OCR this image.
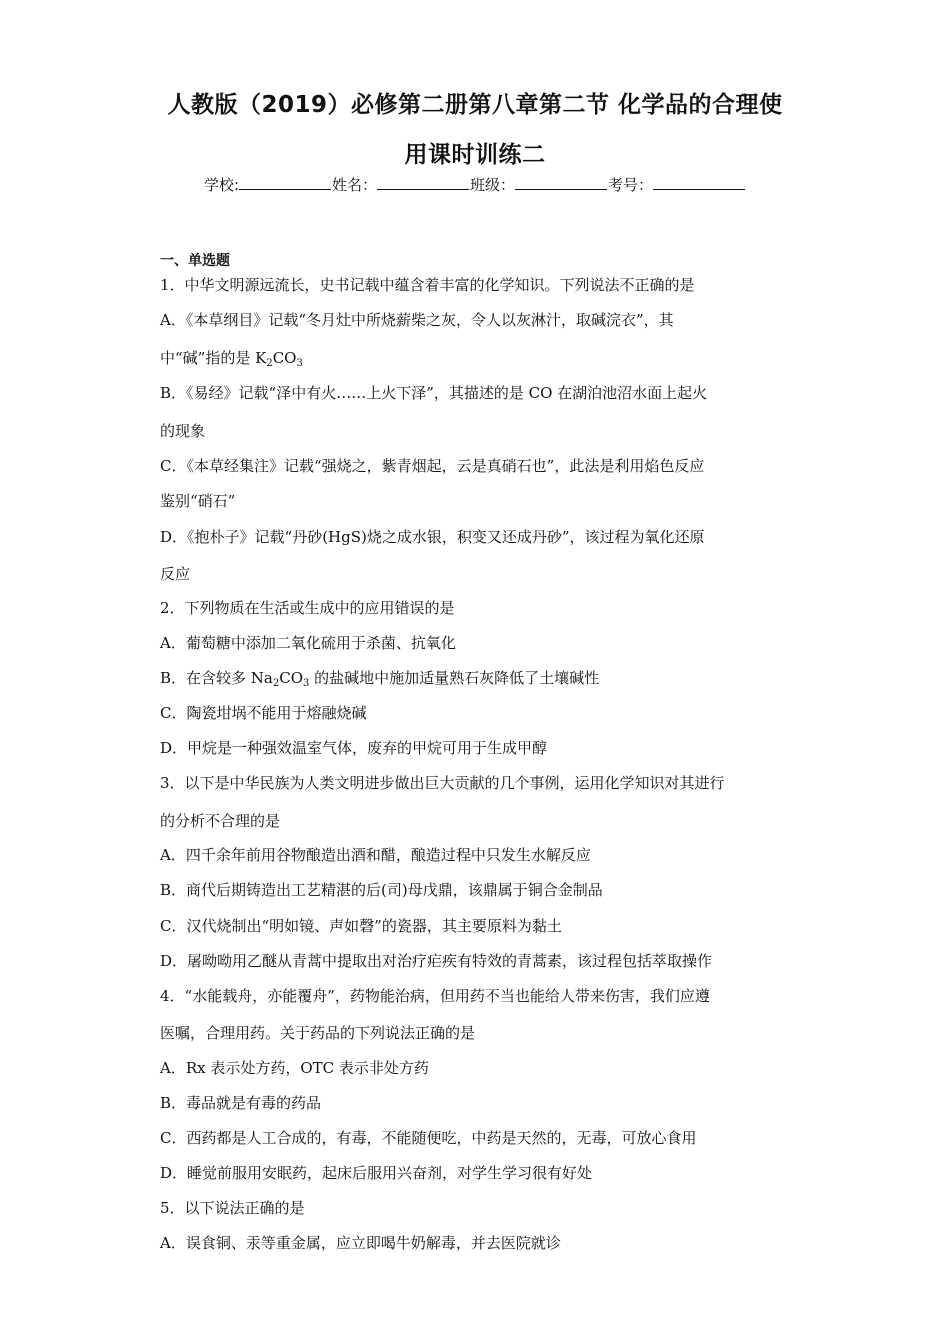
人教版（2019）必修第二册第八章第二节 化学品的合理使
用课时训练二
学校:	姓名：	班级：	考号：
一、单选题
1．中华文明源远流长，史书记载中蕴含着丰富的化学知识。下列说法不正确的是
A．《本草纲目》记载“冬月灶中所烧薪柴之灰，令人以灰淋汁，取碱浣衣”，其
中“碱”指的是 $K_2CO_3$
B．《易经》记载“泽中有火……上火下泽”，其描述的是 CO 在湖泊池沼水面上起火
的现象
C．《本草经集注》记载“强烧之，紫青烟起，云是真硝石也”，此法是利用焰色反应
鉴别“硝石”
D．《抱朴子》记载“丹砂(HgS)烧之成水银，积变又还成丹砂”，该过程为氧化还原
反应
2．下列物质在生活或生成中的应用错误的是
A．葡萄糖中添加二氧化硫用于杀菌、抗氧化
B．在含较多 $Na_2CO_3$ 的盐碱地中施加适量熟石灰降低了土壤碱性
C．陶瓷坩埚不能用于熔融烧碱
D．甲烷是一种强效温室气体，废弃的甲烷可用于生成甲醇
3．以下是中华民族为人类文明进步做出巨大贡献的几个事例，运用化学知识对其进行
的分析不合理的是
A．四千余年前用谷物酿造出酒和醋，酿造过程中只发生水解反应
B．商代后期铸造出工艺精湛的后(司)母戊鼎，该鼎属于铜合金制品
C．汉代烧制出“明如镜、声如磬”的瓷器，其主要原料为黏土
D．屠呦呦用乙醚从青蒿中提取出对治疗疟疾有特效的青蒿素，该过程包括萃取操作
4．“水能载舟，亦能覆舟”，药物能治病，但用药不当也能给人带来伤害，我们应遵
医嘱，合理用药。关于药品的下列说法正确的是
A．Rx 表示处方药，OTC 表示非处方药
B．毒品就是有毒的药品
C．西药都是人工合成的，有毒，不能随便吃，中药是天然的，无毒，可放心食用
D．睡觉前服用安眠药，起床后服用兴奋剂，对学生学习很有好处
5．以下说法正确的是
A．误食铜、汞等重金属，应立即喝牛奶解毒，并去医院就诊
